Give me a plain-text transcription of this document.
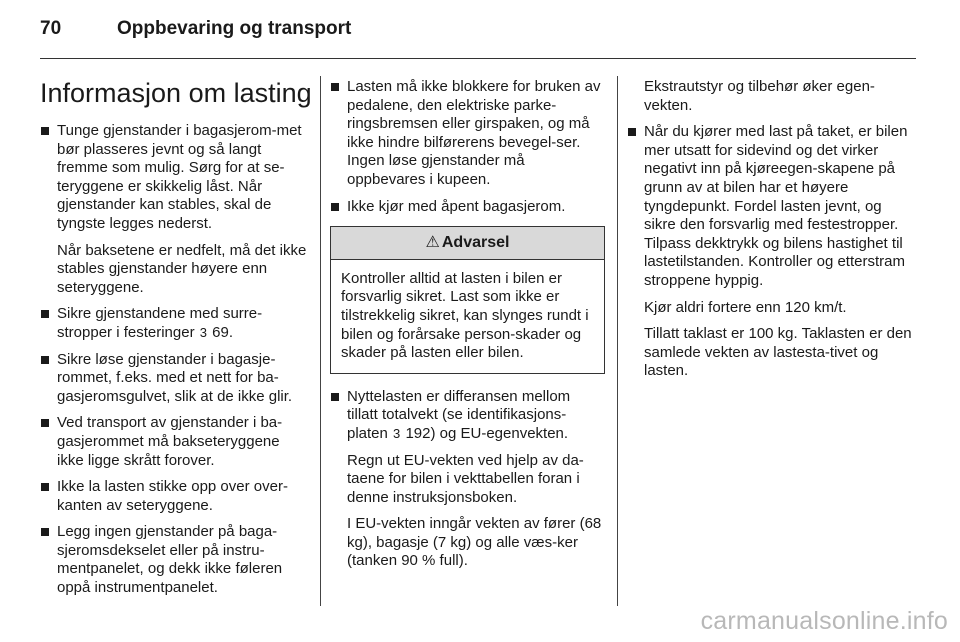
70	Oppbevaring og transport
Informasjon om lasting
Tunge gjenstander i bagasjerom-met bør plasseres jevnt og så langt fremme som mulig. Sørg for at se-teryggene er skikkelig låst. Når gjenstander kan stables, skal de tyngste legges nederst.
Når baksetene er nedfelt, må det ikke stables gjenstander høyere enn seteryggene.
Sikre gjenstandene med surre-stropper i festeringer 3 69.
Sikre løse gjenstander i bagasje-rommet, f.eks. med et nett for ba-gasjeromsgulvet, slik at de ikke glir.
Ved transport av gjenstander i ba-gasjerommet må bakseteryggene ikke ligge skrått forover.
Ikke la lasten stikke opp over over-kanten av seteryggene.
Legg ingen gjenstander på baga-sjeromsdekselet eller på instru-mentpanelet, og dekk ikke føleren oppå instrumentpanelet.
Lasten må ikke blokkere for bruken av pedalene, den elektriske parke-ringsbremsen eller girspaken, og må ikke hindre bilførerens bevegel-ser. Ingen løse gjenstander må oppbevares i kupeen.
Ikke kjør med åpent bagasjerom.
⚠ Advarsel
Kontroller alltid at lasten i bilen er forsvarlig sikret. Last som ikke er tilstrekkelig sikret, kan slynges rundt i bilen og forårsake person-skader og skader på lasten eller bilen.
Nyttelasten er differansen mellom tillatt totalvekt (se identifikasjons-platen 3 192) og EU-egenvekten.
Regn ut EU-vekten ved hjelp av da-taene for bilen i vekttabellen foran i denne instruksjonsboken.
I EU-vekten inngår vekten av fører (68 kg), bagasje (7 kg) og alle væs-ker (tanken 90 % full).
Ekstrautstyr og tilbehør øker egen-vekten.
Når du kjører med last på taket, er bilen mer utsatt for sidevind og det virker negativt inn på kjøreegen-skapene på grunn av at bilen har et høyere tyngdepunkt. Fordel lasten jevnt, og sikre den forsvarlig med festestropper. Tilpass dekktrykk og bilens hastighet til lastetilstanden. Kontroller og etterstram stroppene hyppig.
Kjør aldri fortere enn 120 km/t.
Tillatt taklast er 100 kg. Taklasten er den samlede vekten av lastesta-tivet og lasten.
carmanualsonline.info
